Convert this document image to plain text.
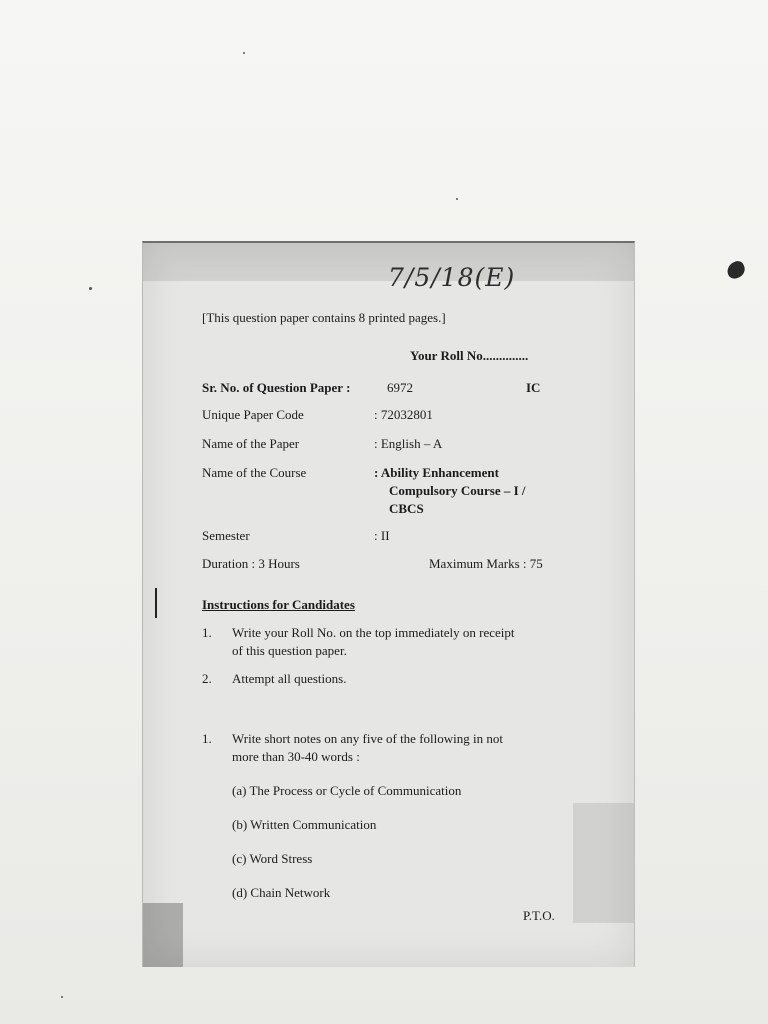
7/5/18(E)
[This question paper contains 8 printed pages.]
Your Roll No..............
Sr. No. of Question Paper :	6972	IC
Unique Paper Code	: 72032801
Name of the Paper	: English – A
Name of the Course	: Ability Enhancement
Compulsory Course – I /
CBCS
Semester	: II
Duration : 3 Hours	Maximum Marks : 75
Instructions for Candidates
1. Write your Roll No. on the top immediately on receipt
of this question paper.
2. Attempt all questions.
1. Write short notes on any five of the following in not
more than 30-40 words :
(a) The Process or Cycle of Communication
(b) Written Communication
(c) Word Stress
(d) Chain Network
P.T.O.
